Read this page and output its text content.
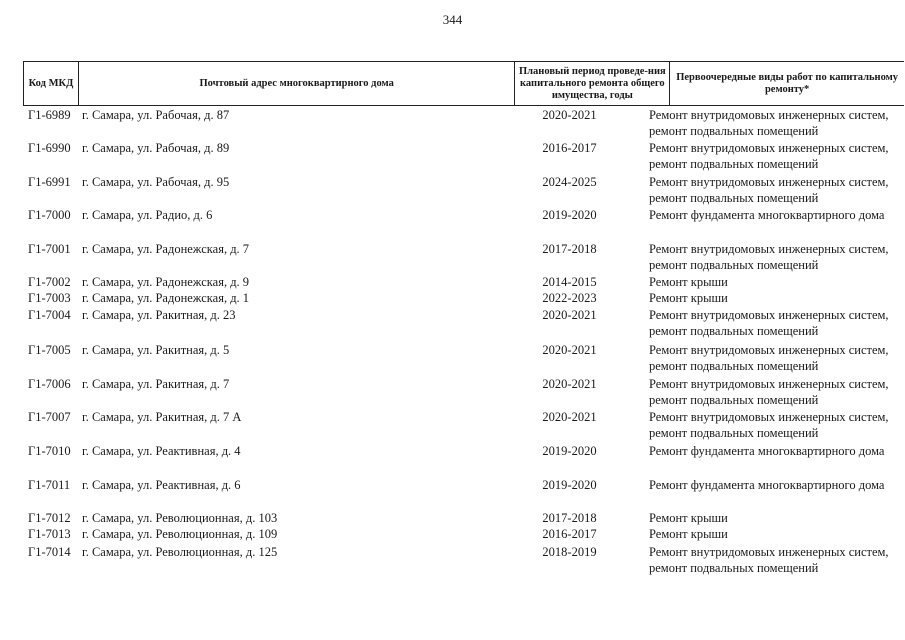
344
Код МКД	Почтовый адрес многоквартирного дома
Плановый период проведе-ния капитального ремонта общего имущества, годы
Первоочередные виды работ по капитальному ремонту*
Г1-6989 г. Самара, ул. Рабочая, д. 87	2020-2021	Ремонт внутридомовых инженерных систем,
ремонт подвальных помещений
Г1-6990 г. Самара, ул. Рабочая, д. 89	2016-2017	Ремонт внутридомовых инженерных систем,
ремонт подвальных помещений
Г1-6991 г. Самара, ул. Рабочая, д. 95	2024-2025	Ремонт внутридомовых инженерных систем,
ремонт подвальных помещений
Г1-7000 г. Самара, ул. Радио, д. 6	2019-2020	Ремонт фундамента многоквартирного дома
Г1-7001 г. Самара, ул. Радонежская, д. 7	2017-2018	Ремонт внутридомовых инженерных систем,
ремонт подвальных помещений
Г1-7002 г. Самара, ул. Радонежская, д. 9	2014-2015	Ремонт крыши
Г1-7003 г. Самара, ул. Радонежская, д. 1	2022-2023	Ремонт крыши
Г1-7004 г. Самара, ул. Ракитная, д. 23	2020-2021	Ремонт внутридомовых инженерных систем,
ремонт подвальных помещений
Г1-7005 г. Самара, ул. Ракитная, д. 5	2020-2021	Ремонт внутридомовых инженерных систем,
ремонт подвальных помещений
Г1-7006 г. Самара, ул. Ракитная, д. 7	2020-2021	Ремонт внутридомовых инженерных систем,
ремонт подвальных помещений
Г1-7007 г. Самара, ул. Ракитная, д. 7 А	2020-2021	Ремонт внутридомовых инженерных систем,
ремонт подвальных помещений
Г1-7010 г. Самара, ул. Реактивная, д. 4	2019-2020	Ремонт фундамента многоквартирного дома
Г1-7011 г. Самара, ул. Реактивная, д. 6	2019-2020	Ремонт фундамента многоквартирного дома
Г1-7012 г. Самара, ул. Революционная, д. 103	2017-2018	Ремонт крыши
Г1-7013 г. Самара, ул. Революционная, д. 109	2016-2017	Ремонт крыши
Г1-7014 г. Самара, ул. Революционная, д. 125	2018-2019	Ремонт внутридомовых инженерных систем,
ремонт подвальных помещений
